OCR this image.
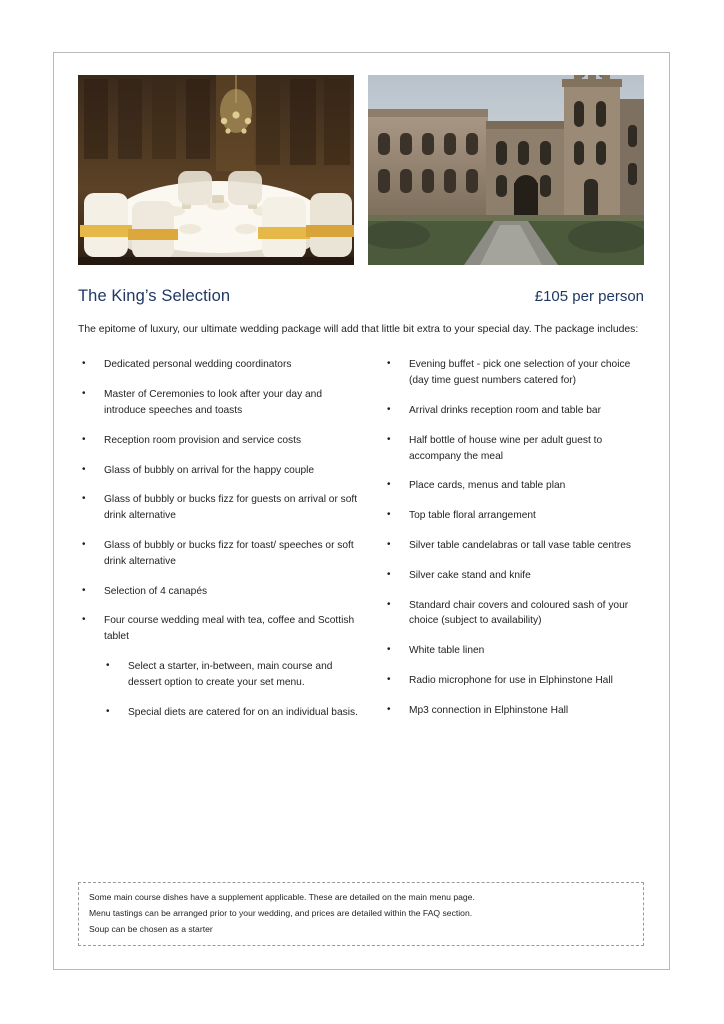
The King’s Selection	£105 per person
The epitome of luxury, our ultimate wedding package will add that little bit extra to your special day. The package includes:
• Dedicated personal wedding coordinators
• Master of Ceremonies to look after your day and introduce speeches and toasts
• Reception room provision and service costs
• Glass of bubbly on arrival for the happy couple
• Glass of bubbly or bucks fizz for guests on arrival or soft drink alternative
• Glass of bubbly or bucks fizz for toast/ speeches or soft drink alternative
• Selection of 4 canapés
• Four course wedding meal with tea, coffee and Scottish tablet
• Select a starter, in-between, main course and dessert option to create your set menu.
• Special diets are catered for on an individual basis.
• Evening buffet - pick one selection of your choice (day time guest numbers catered for)
• Arrival drinks reception room and table bar
• Half bottle of house wine per adult guest to accompany the meal
• Place cards, menus and table plan
• Top table floral arrangement
• Silver table candelabras or tall vase table centres
• Silver cake stand and knife
• Standard chair covers and coloured sash of your choice (subject to availability)
• White table linen
• Radio microphone for use in Elphinstone Hall
• Mp3 connection in Elphinstone Hall

Some main course dishes have a supplement applicable. These are detailed on the main menu page.

Menu tastings can be arranged prior to your wedding, and prices are detailed within the FAQ section.

Soup can be chosen as a starter
